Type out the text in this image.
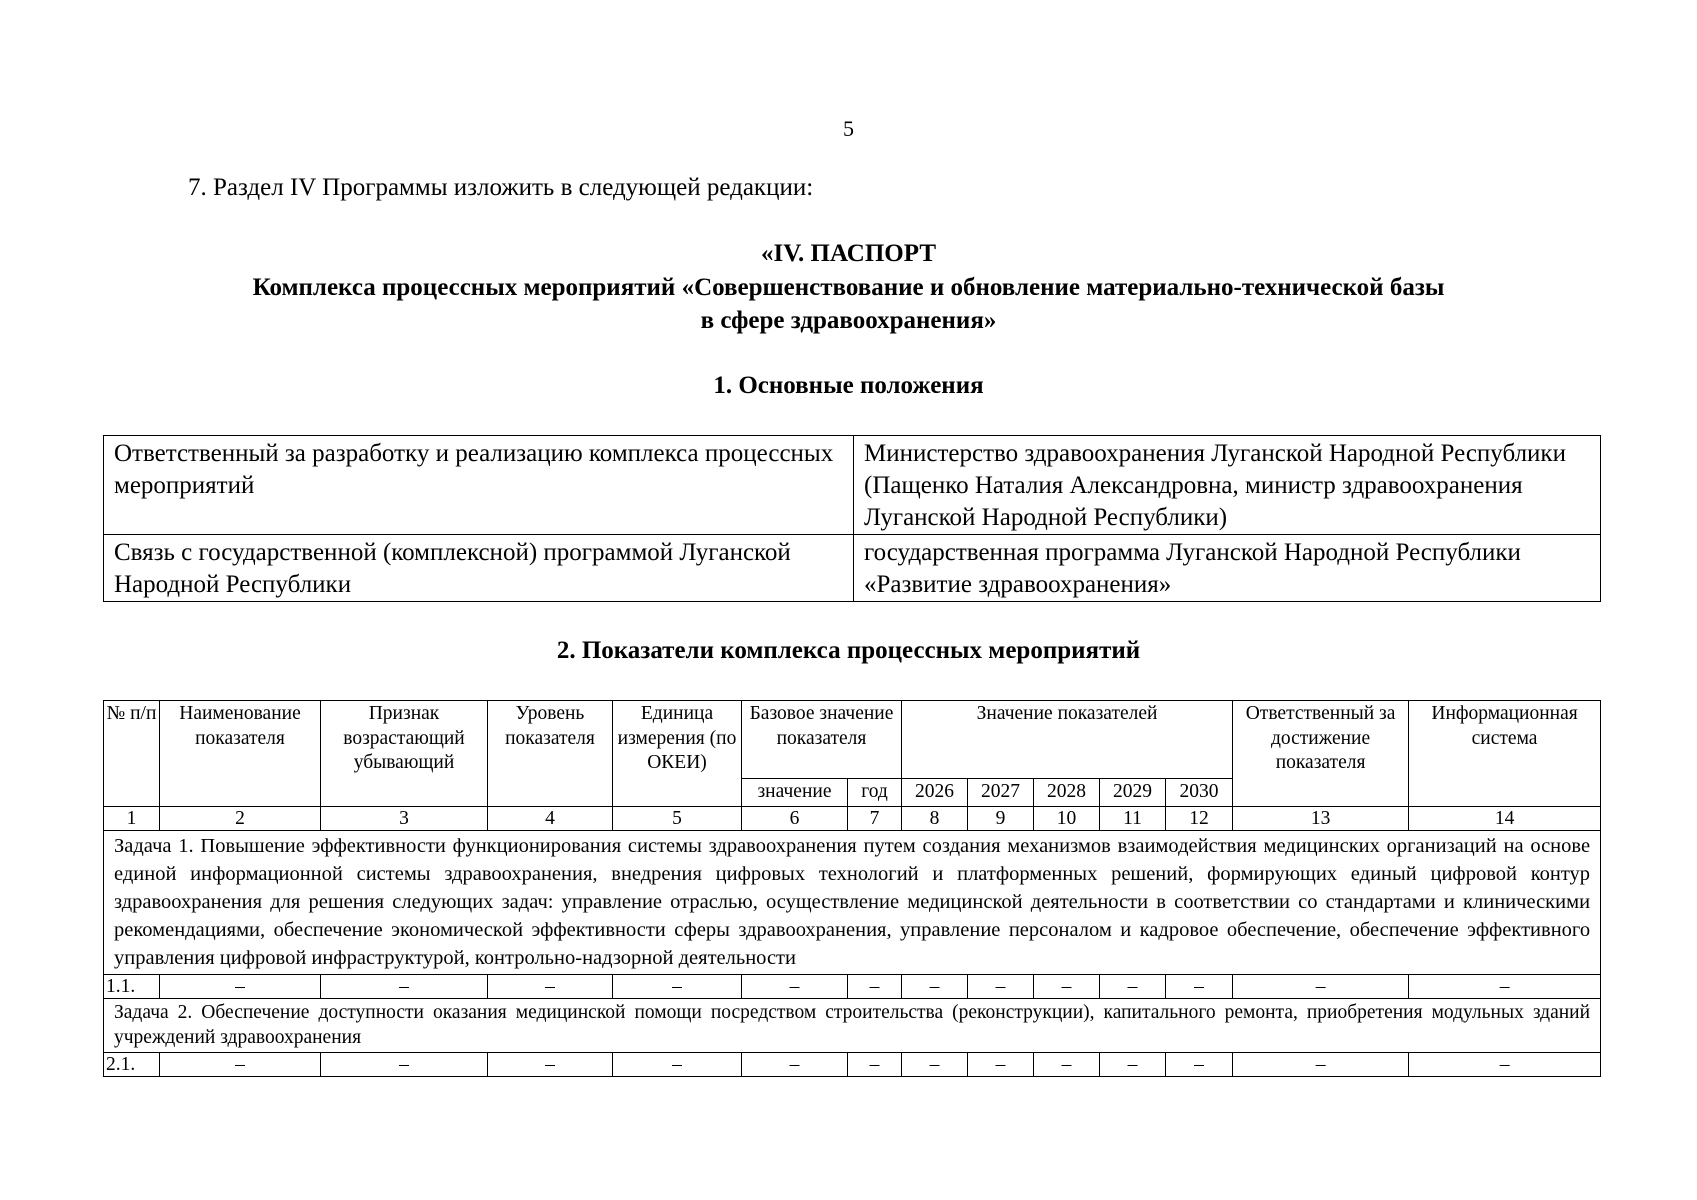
5
7. Раздел IV Программы изложить в следующей редакции:
«IV. ПАСПОРТ
Комплекса процессных мероприятий «Совершенствование и обновление материально-технической базы
в сфере здравоохранения»
1. Основные положения
Ответственный за разработку и реализацию комплекса процессных мероприятий	Министерство здравоохранения Луганской Народной Республики (Пащенко Наталия Александровна, министр здравоохранения Луганской Народной Республики)
Связь с государственной (комплексной) программой Луганской Народной Республики	государственная программа Луганской Народной Республики «Развитие здравоохранения»
2. Показатели комплекса процессных мероприятий
№ п/п	Наименование показателя	Признак возрастающий убывающий	Уровень показателя	Единица измерения (по ОКЕИ)	Базовое значение показателя		Значение показателей					Ответственный за достижение показателя	Информационная система
					значение	год	2026	2027	2028	2029	2030		
1	2	3	4	5	6	7	8	9	10	11	12	13	14
Задача 1. Повышение эффективности функционирования системы здравоохранения путем создания механизмов взаимодействия медицинских организаций на основе единой информационной системы здравоохранения, внедрения цифровых технологий и платформенных решений, формирующих единый цифровой контур здравоохранения для решения следующих задач: управление отраслью, осуществление медицинской деятельности в соответствии со стандартами и клиническими рекомендациями, обеспечение экономической эффективности сферы здравоохранения, управление персоналом и кадровое обеспечение, обеспечение эффективного управления цифровой инфраструктурой, контрольно-надзорной деятельности													
1.1.	–	–	–	–	–	–	–	–	–	–	–	–	–
Задача 2. Обеспечение доступности оказания медицинской помощи посредством строительства (реконструкции), капитального ремонта, приобретения модульных зданий учреждений здравоохранения													
2.1.	–	–	–	–	–	–	–	–	–	–	–	–	–
